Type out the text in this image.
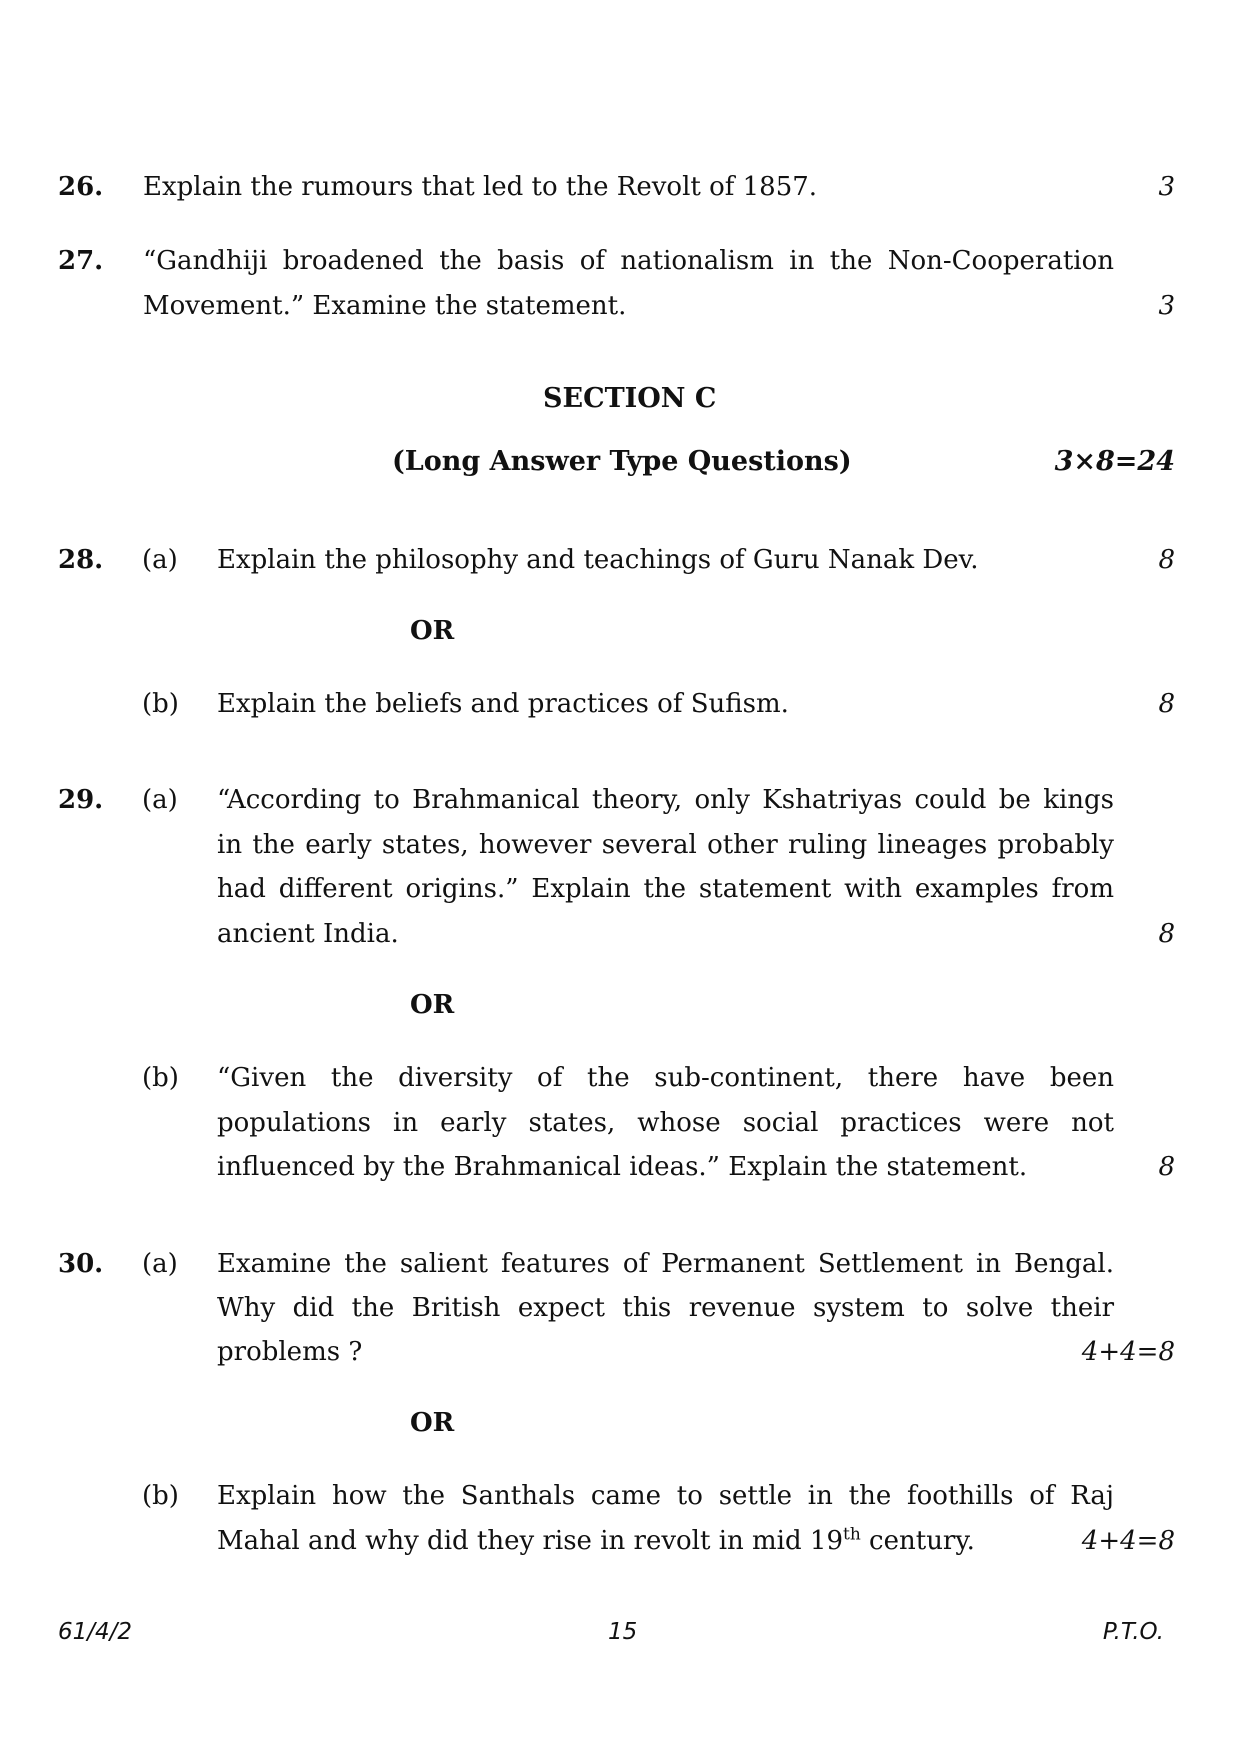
26. Explain the rumours that led to the Revolt of 1857.	3
27. “Gandhiji broadened the basis of nationalism in the Non-Cooperation
Movement.” Examine the statement.	3
SECTION C
(Long Answer Type Questions)	3×8=24
28. (a) Explain the philosophy and teachings of Guru Nanak Dev.	8
OR
(b) Explain the beliefs and practices of Sufism.	8
29. (a) “According to Brahmanical theory, only Kshatriyas could be kings
in the early states, however several other ruling lineages probably
had different origins.” Explain the statement with examples from
ancient India.	8
OR
(b) “Given the diversity of the sub-continent, there have been
populations in early states, whose social practices were not
influenced by the Brahmanical ideas.” Explain the statement.	8
30. (a) Examine the salient features of Permanent Settlement in Bengal.
Why did the British expect this revenue system to solve their
problems ?	4+4=8
OR
(b) Explain how the Santhals came to settle in the foothills of Raj
Mahal and why did they rise in revolt in mid 19th century.	4+4=8
61/4/2	15	P.T.O.
